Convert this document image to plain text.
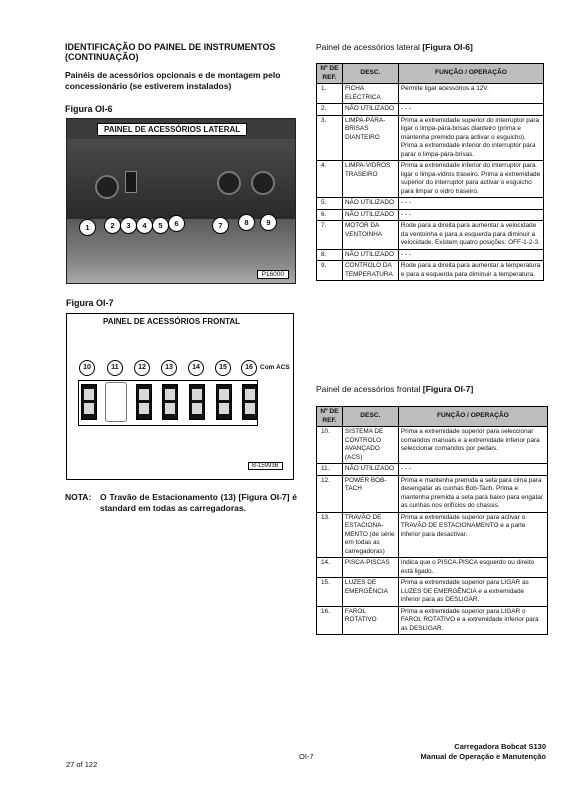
IDENTIFICAÇÃO DO PAINEL DE INSTRUMENTOS (CONTINUAÇÃO)
Painéis de acessórios opcionais e de montagem pelo concessionário (se estiverem instalados)
Figura OI-6
PAINEL DE ACESSÓRIOS LATERAL
1	2	3	4	5	6	7	8	9
P16000
Figura OI-7
PAINEL DE ACESSÓRIOS FRONTAL
10	11	12	13	14	15	16	Com ACS
B-15993B
NOTA: O Travão de Estacionamento (13) [Figura OI-7] é standard em todas as carregadoras.
Painel de acessórios lateral [Figura OI-6]
Nº DE REF.	DESC.	FUNÇÃO / OPERAÇÃO
1.	FICHA ELÉCTRICA	Permite ligar acessórios a 12V.
2.	NÃO UTILIZADO	- - -
3.	LIMPA-PÁRA-BRISAS DIANTEIRO	Prima a extremidade superior do interruptor para ligar o limpa-pára-brisas dianteiro (prima e mantenha premido para activar o esguicho). Prima a extremidade inferior do interruptor para parar o limpa-pára-brisas.
4.	LIMPA-VIDROS TRASEIRO	Prima a extremidade inferior do interruptor para ligar o limpa-vidros traseiro. Prima a extremidade superior do interruptor para activar o esguicho para limpar o vidro traseiro.
5.	NÃO UTILIZADO	- - -
6.	NÃO UTILIZADO	- - -
7.	MOTOR DA VENTOINHA	Rode para a direita para aumentar a velocidade da ventoinha e para a esquerda para diminuir a velocidade. Existem quatro posições: OFF-1-2-3.
8.	NÃO UTILIZADO	- - -
9.	CONTROLO DA TEMPERATURA	Rode para a direita para aumentar a temperatura e para a esquerda para diminuir a temperatura.
Painel de acessórios frontal [Figura OI-7]
Nº DE REF.	DESC.	FUNÇÃO / OPERAÇÃO
10.	SISTEMA DE CONTROLO AVANÇADO (ACS)	Prima a extremidade superior para seleccionar comandos manuais e a extremidade inferior para seleccionar comandos por pedais.
11.	NÃO UTILIZADO	- - -
12.	POWER BOB-TACH	Prima e mantenha premida a seta para cima para desengatar as cunhas Bob-Tach. Prima e mantenha premida a seta para baixo para engatar as cunhas nos orifícios do chassis.
13.	TRAVÃO DE ESTACIONA-MENTO (de série em todas as carregadoras)	Prima a extremidade superior para activar o TRAVÃO DE ESTACIONAMENTO e a parte inferior para desactivar.
14.	PISCA-PISCAS	Indica que o PISCA-PISCA esquerdo ou direito está ligado.
15.	LUZES DE EMERGÊNCIA	Prima a extremidade superior para LIGAR as LUZES DE EMERGÊNCIA e a extremidade inferior para as DESLIGAR.
16.	FAROL ROTATIVO	Prima a extremidade superior para LIGAR o FAROL ROTATIVO e a extremidade inferior para as DESLIGAR.
27 of 122
OI-7
Carregadora Bobcat S130
Manual de Operação e Manutenção
